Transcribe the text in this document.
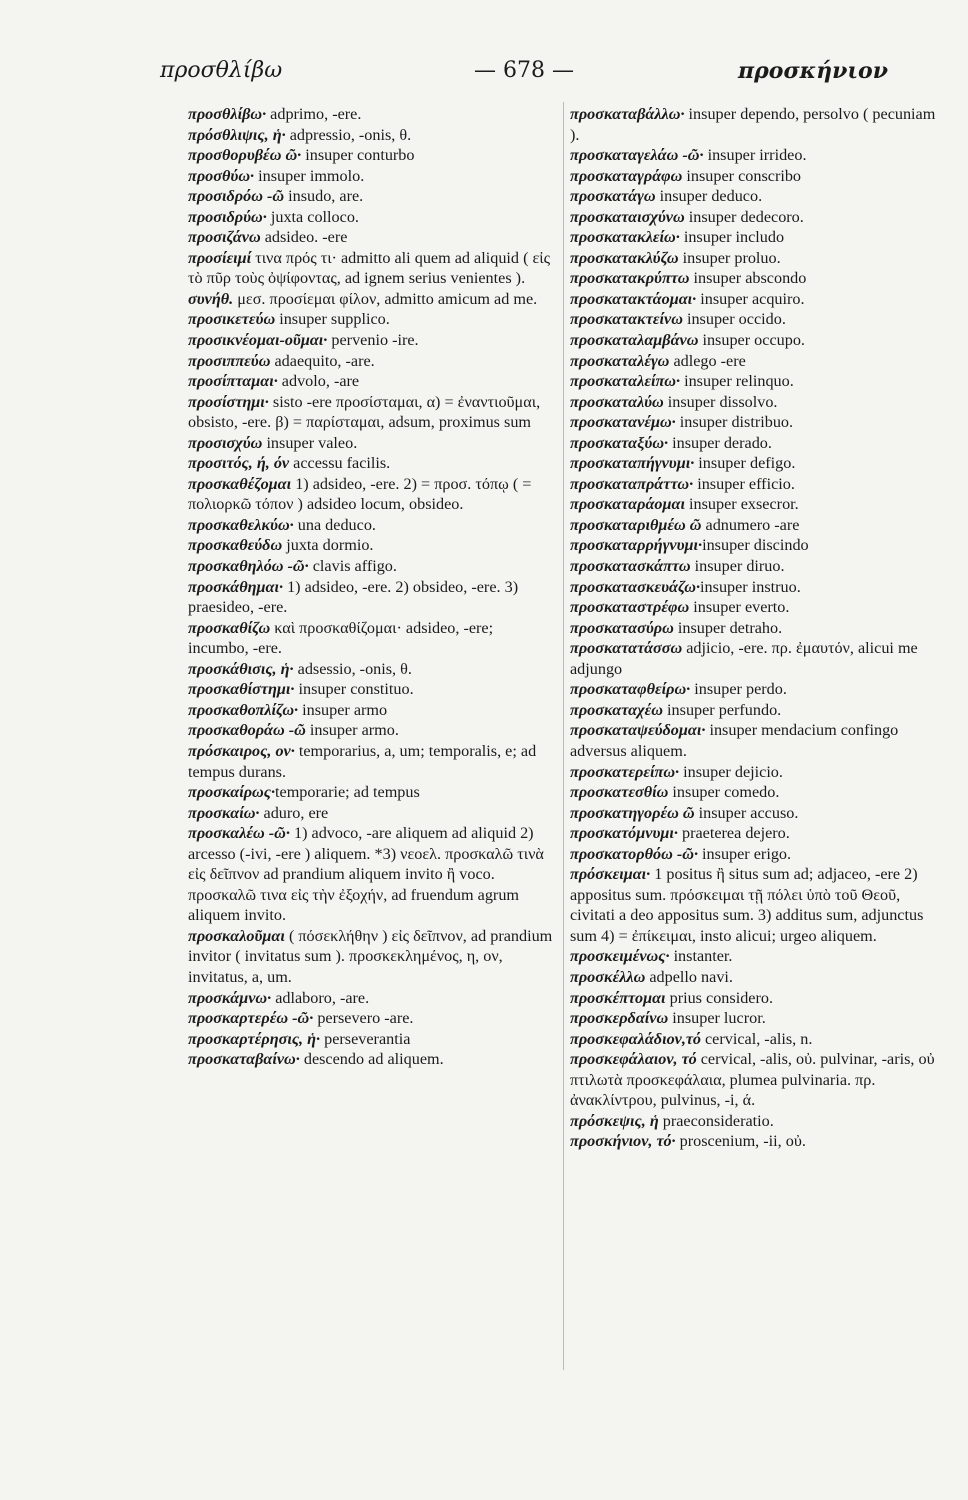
προσθλίβω	— 678 —	προσκήνιον

προσθλίβω· adprimo, -ere.

πρόσθλιψις, ἡ· adpressio, -onis, θ.

προσθορυβέω ῶ· insuper conturbo

προσθύω· insuper immolo.

προσιδρόω -ῶ insudo, are.

προσιδρύω· juxta colloco.

προσιζάνω adsideo. -ere

προσίειμί τινα πρός τι· admitto ali quem ad aliquid ( εἰς τὸ πῦρ τοὺς ὀψίφοντας, ad ignem serius venientes ).

συνήθ. μεσ. προσίεμαι φίλον, admitto amicum ad me.

προσικετεύω insuper supplico.

προσικνέομαι-οῦμαι· pervenio -ire.

προσιππεύω adaequito, -are.

προσίπταμαι· advolo, -are

προσίστημι· sisto -ere προσίσταμαι, α) = ἐναντιοῦμαι, obsisto, -ere. β) = παρίσταμαι, adsum, proximus sum

προσισχύω insuper valeo.

προσιτός, ή, όν accessu facilis.

προσκαθέζομαι 1) adsideo, -ere. 2) = προσ. τόπῳ ( = πολιορκῶ τόπον ) adsideo locum, obsideo.

προσκαθελκύω· una deduco.

προσκαθεύδω juxta dormio.

προσκαθηλόω -ῶ· clavis affigo.

προσκάθημαι· 1) adsideo, -ere. 2) obsideo, -ere. 3) praesideo, -ere.

προσκαθίζω καὶ προσκαθίζομαι· adsideo, -ere; incumbo, -ere.

προσκάθισις, ἡ· adsessio, -onis, θ.

προσκαθίστημι· insuper constituo.

προσκαθοπλίζω· insuper armo

προσκαθοράω -ῶ insuper armo.

πρόσκαιρος, ον· temporarius, a, um; temporalis, e; ad tempus durans.

προσκαίρως·temporarie; ad tempus

προσκαίω· aduro, ere

προσκαλέω -ῶ· 1) advoco, -are aliquem ad aliquid 2) arcesso (-ivi, -ere ) aliquem. *3) νεοελ. προσκαλῶ τινὰ εἰς δεῖπνον ad prandium aliquem invito ἢ voco. προσκαλῶ τινα εἰς τὴν ἐξοχήν, ad fruendum agrum aliquem invito.

προσκαλοῦμαι ( πόσεκλήθην ) εἰς δεῖπνον, ad prandium invitor ( invitatus sum ). προσκεκλημένος, η, ον, invitatus, a, um.

προσκάμνω· adlaboro, -are.

προσκαρτερέω -ῶ· persevero -are.

προσκαρτέρησις, ἡ· perseverantia

προσκαταβαίνω· descendo ad aliquem.

προσκαταβάλλω· insuper dependo, persolvo ( pecuniam ).

προσκαταγελάω -ῶ· insuper irrideo.

προσκαταγράφω insuper conscribo

προσκατάγω insuper deduco.

προσκαταισχύνω insuper dedecoro.

προσκατακλείω· insuper includo

προσκατακλύζω insuper proluo.

προσκατακρύπτω insuper abscondo

προσκατακτάομαι· insuper acquiro.

προσκατακτείνω insuper occido.

προσκαταλαμβάνω insuper occupo.

προσκαταλέγω adlego -ere

προσκαταλείπω· insuper relinquo.

προσκαταλύω insuper dissolvo.

προσκατανέμω· insuper distribuo.

προσκαταξύω· insuper derado.

προσκαταπήγνυμι· insuper defigo.

προσκαταπράττω· insuper efficio.

προσκαταράομαι insuper exsecror.

προσκαταριθμέω ῶ adnumero -are

προσκαταρρήγνυμι·insuper discindo

προσκατασκάπτω insuper diruo.

προσκατασκευάζω·insuper instruo.

προσκαταστρέφω insuper everto.

προσκατασύρω insuper detraho.

προσκατατάσσω adjicio, -ere. πρ. ἐμαυτόν, alicui me adjungo

προσκαταφθείρω· insuper perdo.

προσκαταχέω insuper perfundo.

προσκαταψεύδομαι· insuper mendacium confingo adversus aliquem.

προσκατερείπω· insuper dejicio.

προσκατεσθίω insuper comedo.

προσκατηγορέω ῶ insuper accuso.

προσκατόμνυμι· praeterea dejero.

προσκατορθόω -ῶ· insuper erigo.

πρόσκειμαι· 1 positus ἢ situs sum ad; adjaceo, -ere 2) appositus sum. πρόσκειμαι τῇ πόλει ὑπὸ τοῦ Θεοῦ, civitati a deo appositus sum. 3) additus sum, adjunctus sum 4) = ἐπίκειμαι, insto alicui; urgeo aliquem.

προσκειμένως· instanter.

προσκέλλω adpello navi.

προσκέπτομαι prius considero.

προσκερδαίνω insuper lucror.

προσκεφαλάδιον,τό cervical, -alis, n.

προσκεφάλαιον, τό cervical, -alis, οὐ. pulvinar, -aris, οὐ πτιλωτὰ προσκεφάλαια, plumea pulvinaria. πρ. ἀνακλίντρου, pulvinus, -i, ά.

πρόσκεψις, ἡ praeconsideratio.

προσκήνιον, τό· proscenium, -ii, οὐ.
